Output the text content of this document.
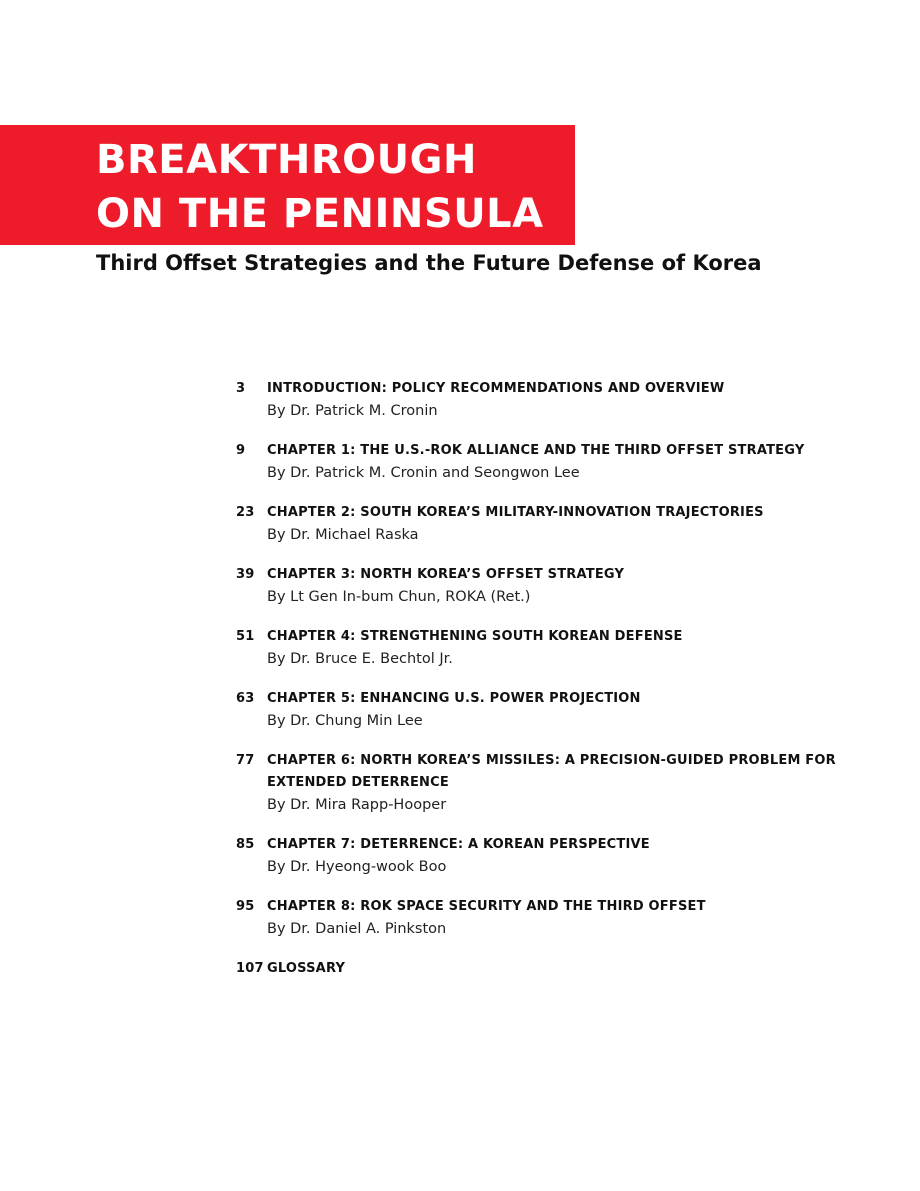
BREAKTHROUGH
ON THE PENINSULA
Third Offset Strategies and the Future Defense of Korea
3 INTRODUCTION: POLICY RECOMMENDATIONS AND OVERVIEW
By Dr. Patrick M. Cronin
9 CHAPTER 1: THE U.S.-ROK ALLIANCE AND THE THIRD OFFSET STRATEGY
By Dr. Patrick M. Cronin and Seongwon Lee
23 CHAPTER 2: SOUTH KOREA’S MILITARY-INNOVATION TRAJECTORIES
By Dr. Michael Raska
39 CHAPTER 3: NORTH KOREA’S OFFSET STRATEGY
By Lt Gen In-bum Chun, ROKA (Ret.)
51 CHAPTER 4: STRENGTHENING SOUTH KOREAN DEFENSE
By Dr. Bruce E. Bechtol Jr.
63 CHAPTER 5: ENHANCING U.S. POWER PROJECTION
By Dr. Chung Min Lee
77 CHAPTER 6: NORTH KOREA’S MISSILES: A PRECISION-GUIDED PROBLEM FOR EXTENDED DETERRENCE
By Dr. Mira Rapp-Hooper
85 CHAPTER 7: DETERRENCE: A KOREAN PERSPECTIVE
By Dr. Hyeong-wook Boo
95 CHAPTER 8: ROK SPACE SECURITY AND THE THIRD OFFSET
By Dr. Daniel A. Pinkston
107 GLOSSARY
